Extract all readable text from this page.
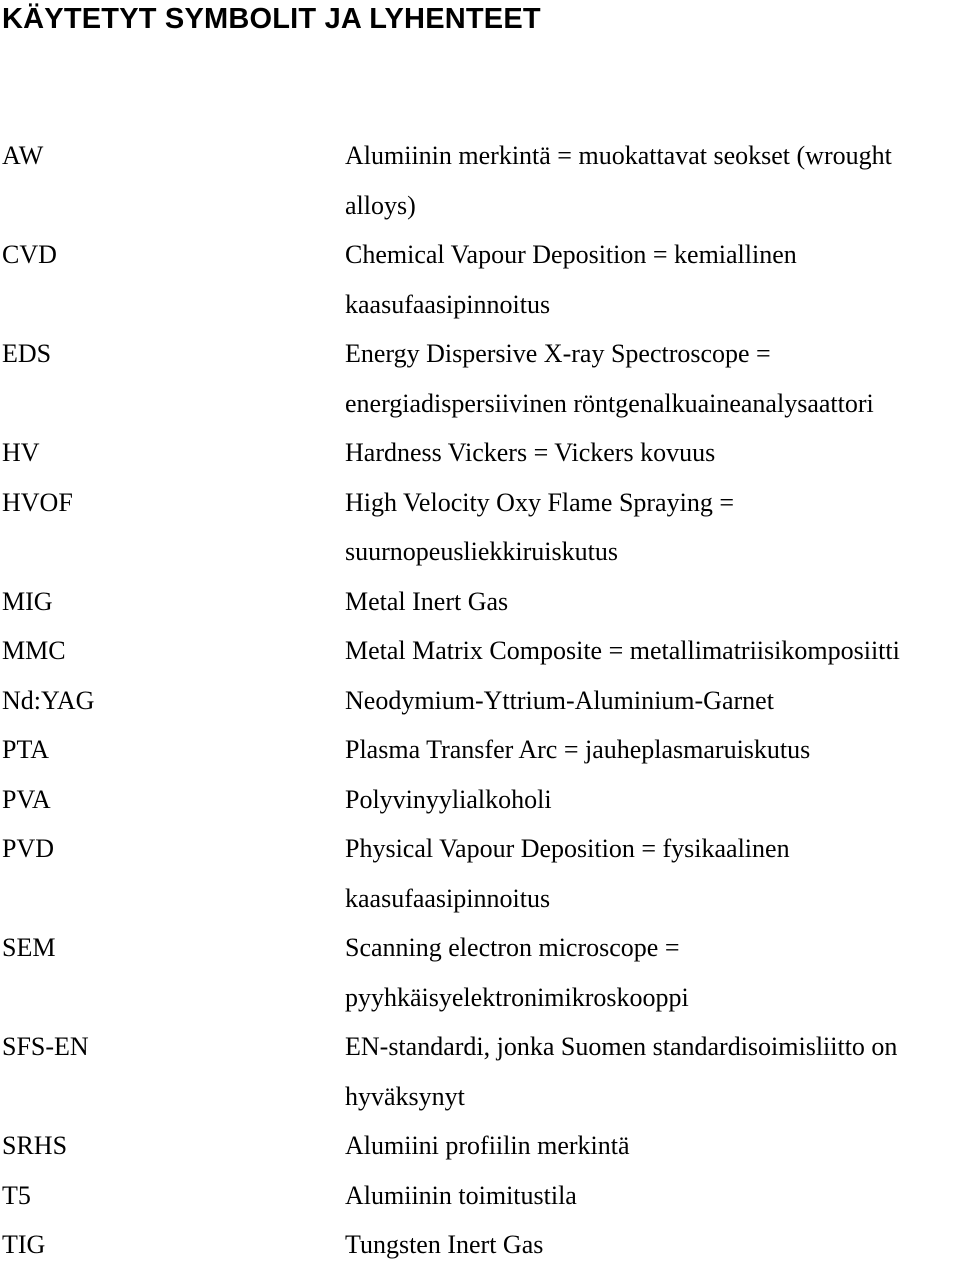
KÄYTETYT SYMBOLIT JA LYHENTEET
AW	Alumiinin merkintä = muokattavat seokset (wrought alloys)
CVD	Chemical Vapour Deposition = kemiallinen kaasufaasipinnoitus
EDS	Energy Dispersive X-ray Spectroscope = energiadispersiivinen röntgenalkuaineanalysaattori
HV	Hardness Vickers = Vickers kovuus
HVOF	High Velocity Oxy Flame Spraying = suurnopeusliekkiruiskutus
MIG	Metal Inert Gas
MMC	Metal Matrix Composite = metallimatriisikomposiitti
Nd:YAG	Neodymium-Yttrium-Aluminium-Garnet
PTA	Plasma Transfer Arc = jauheplasmaruiskutus
PVA	Polyvinyylialkoholi
PVD	Physical Vapour Deposition = fysikaalinen kaasufaasipinnoitus
SEM	Scanning electron microscope = pyyhkäisyelektronimikroskooppi
SFS-EN	EN-standardi, jonka Suomen standardisoimisliitto on hyväksynyt
SRHS	Alumiini profiilin merkintä
T5	Alumiinin toimitustila
TIG	Tungsten Inert Gas
